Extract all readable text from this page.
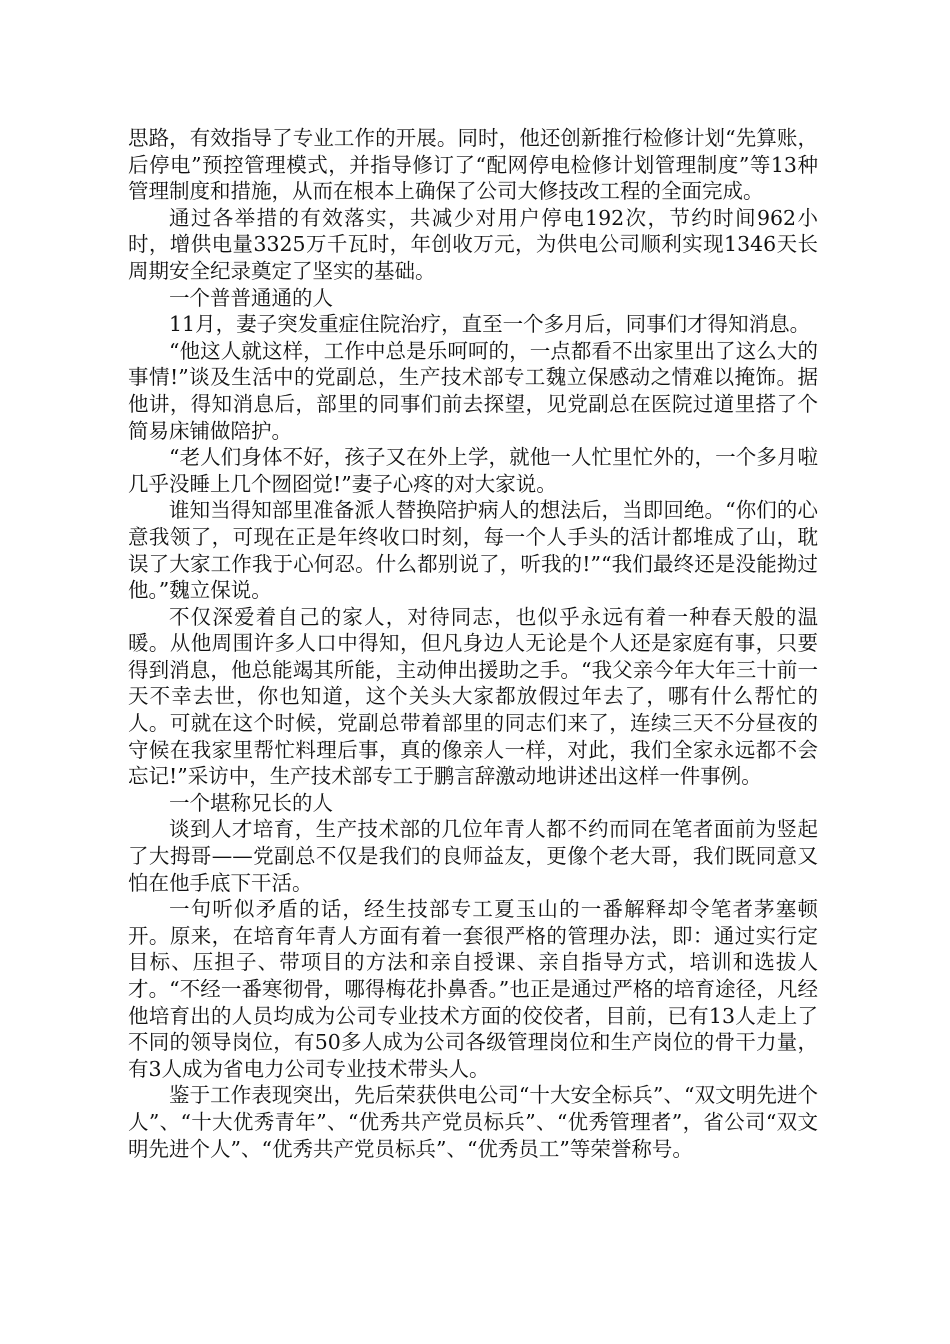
思路，有效指导了专业工作的开展。同时，他还创新推行检修计划“先算账，后停电”预控管理模式，并指导修订了“配网停电检修计划管理制度”等13种管理制度和措施，从而在根本上确保了公司大修技改工程的全面完成。

通过各举措的有效落实，共减少对用户停电192次，节约时间962小时，增供电量3325万千瓦时，年创收万元，为供电公司顺利实现1346天长周期安全纪录奠定了坚实的基础。

一个普普通通的人

11月，妻子突发重症住院治疗，直至一个多月后，同事们才得知消息。

“他这人就这样，工作中总是乐呵呵的，一点都看不出家里出了这么大的事情!”谈及生活中的党副总，生产技术部专工魏立保感动之情难以掩饰。据他讲，得知消息后，部里的同事们前去探望，见党副总在医院过道里搭了个简易床铺做陪护。

“老人们身体不好，孩子又在外上学，就他一人忙里忙外的，一个多月啦几乎没睡上几个囫囵觉!”妻子心疼的对大家说。

谁知当得知部里准备派人替换陪护病人的想法后，当即回绝。“你们的心意我领了，可现在正是年终收口时刻，每一个人手头的活计都堆成了山，耽误了大家工作我于心何忍。什么都别说了，听我的!”“我们最终还是没能拗过他。”魏立保说。

不仅深爱着自己的家人，对待同志，也似乎永远有着一种春天般的温暖。从他周围许多人口中得知，但凡身边人无论是个人还是家庭有事，只要得到消息，他总能竭其所能，主动伸出援助之手。“我父亲今年大年三十前一天不幸去世，你也知道，这个关头大家都放假过年去了，哪有什么帮忙的人。可就在这个时候，党副总带着部里的同志们来了，连续三天不分昼夜的守候在我家里帮忙料理后事，真的像亲人一样，对此，我们全家永远都不会忘记!”采访中，生产技术部专工于鹏言辞激动地讲述出这样一件事例。

一个堪称兄长的人

谈到人才培育，生产技术部的几位年青人都不约而同在笔者面前为竖起了大拇哥——党副总不仅是我们的良师益友，更像个老大哥，我们既同意又怕在他手底下干活。

一句听似矛盾的话，经生技部专工夏玉山的一番解释却令笔者茅塞顿开。原来，在培育年青人方面有着一套很严格的管理办法，即：通过实行定目标、压担子、带项目的方法和亲自授课、亲自指导方式，培训和选拔人才。“不经一番寒彻骨，哪得梅花扑鼻香。”也正是通过严格的培育途径，凡经他培育出的人员均成为公司专业技术方面的佼佼者，目前，已有13人走上了不同的领导岗位，有50多人成为公司各级管理岗位和生产岗位的骨干力量，有3人成为省电力公司专业技术带头人。

鉴于工作表现突出，先后荣获供电公司“十大安全标兵”、“双文明先进个人”、“十大优秀青年”、“优秀共产党员标兵”、“优秀管理者”，省公司“双文明先进个人”、“优秀共产党员标兵”、“优秀员工”等荣誉称号。
